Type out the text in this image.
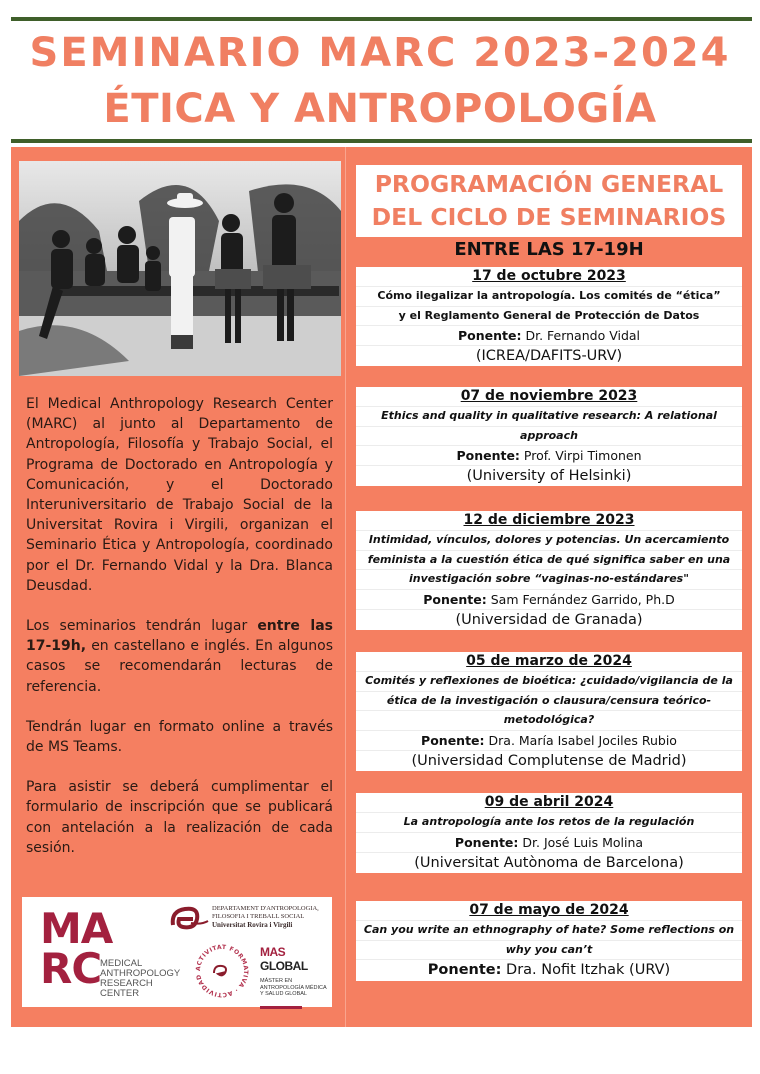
SEMINARIO MARC 2023-2024
ÉTICA Y ANTROPOLOGÍA

El Medical Anthropology Research Center (MARC) al junto al Departamento de Antropología, Filosofía y Trabajo Social, el Programa de Doctorado en Antropología y Comunicación, y el Doctorado Interuniversitario de Trabajo Social de la Universitat Rovira i Virgili, organizan el Seminario Ética y Antropología, coordinado por el Dr. Fernando Vidal y la Dra. Blanca Deusdad.

Los seminarios tendrán lugar entre las 17-19h, en castellano e inglés. En algunos casos se recomendarán lecturas de referencia.

Tendrán lugar en formato online a través de MS Teams.

Para asistir se deberá cumplimentar el formulario de inscripción que se publicará con antelación a la realización de cada sesión.

MA
RC
MEDICAL
ANTHROPOLOGY
RESEARCH
CENTER
DEPARTAMENT D'ANTROPOLOGIA,
FILOSOFIA I TREBALL SOCIAL
Universitat Rovira i Virgili
ACTIVITAT FORMATIVA · ACTIVIDAD
MAS GLOBAL
MÁSTER EN
ANTROPOLOGÍA MÉDICA
Y SALUD GLOBAL
PROGRAMACIÓN GENERAL
DEL CICLO DE SEMINARIOS
ENTRE LAS 17-19H
17 de octubre 2023
Cómo ilegalizar la antropología. Los comités de “ética”
y el Reglamento General de Protección de Datos
Ponente: Dr. Fernando Vidal
(ICREA/DAFITS-URV)
07 de noviembre 2023
Ethics and quality in qualitative research: A relational
approach
Ponente: Prof. Virpi Timonen
(University of Helsinki)
12 de diciembre 2023
Intimidad, vínculos, dolores y potencias. Un acercamiento
feminista a la cuestión ética de qué significa saber en una
investigación sobre “vaginas-no-estándares"
Ponente: Sam Fernández Garrido, Ph.D
(Universidad de Granada)
05 de marzo de 2024
Comités y reflexiones de bioética: ¿cuidado/vigilancia de la
ética de la investigación o clausura/censura teórico-
metodológica?
Ponente: Dra. María Isabel Jociles Rubio
(Universidad Complutense de Madrid)
09 de abril 2024
La antropología ante los retos de la regulación
Ponente: Dr. José Luis Molina
(Universitat Autònoma de Barcelona)
07 de mayo de 2024
Can you write an ethnography of hate? Some reflections on
why you can’t
Ponente: Dra. Nofit Itzhak (URV)
